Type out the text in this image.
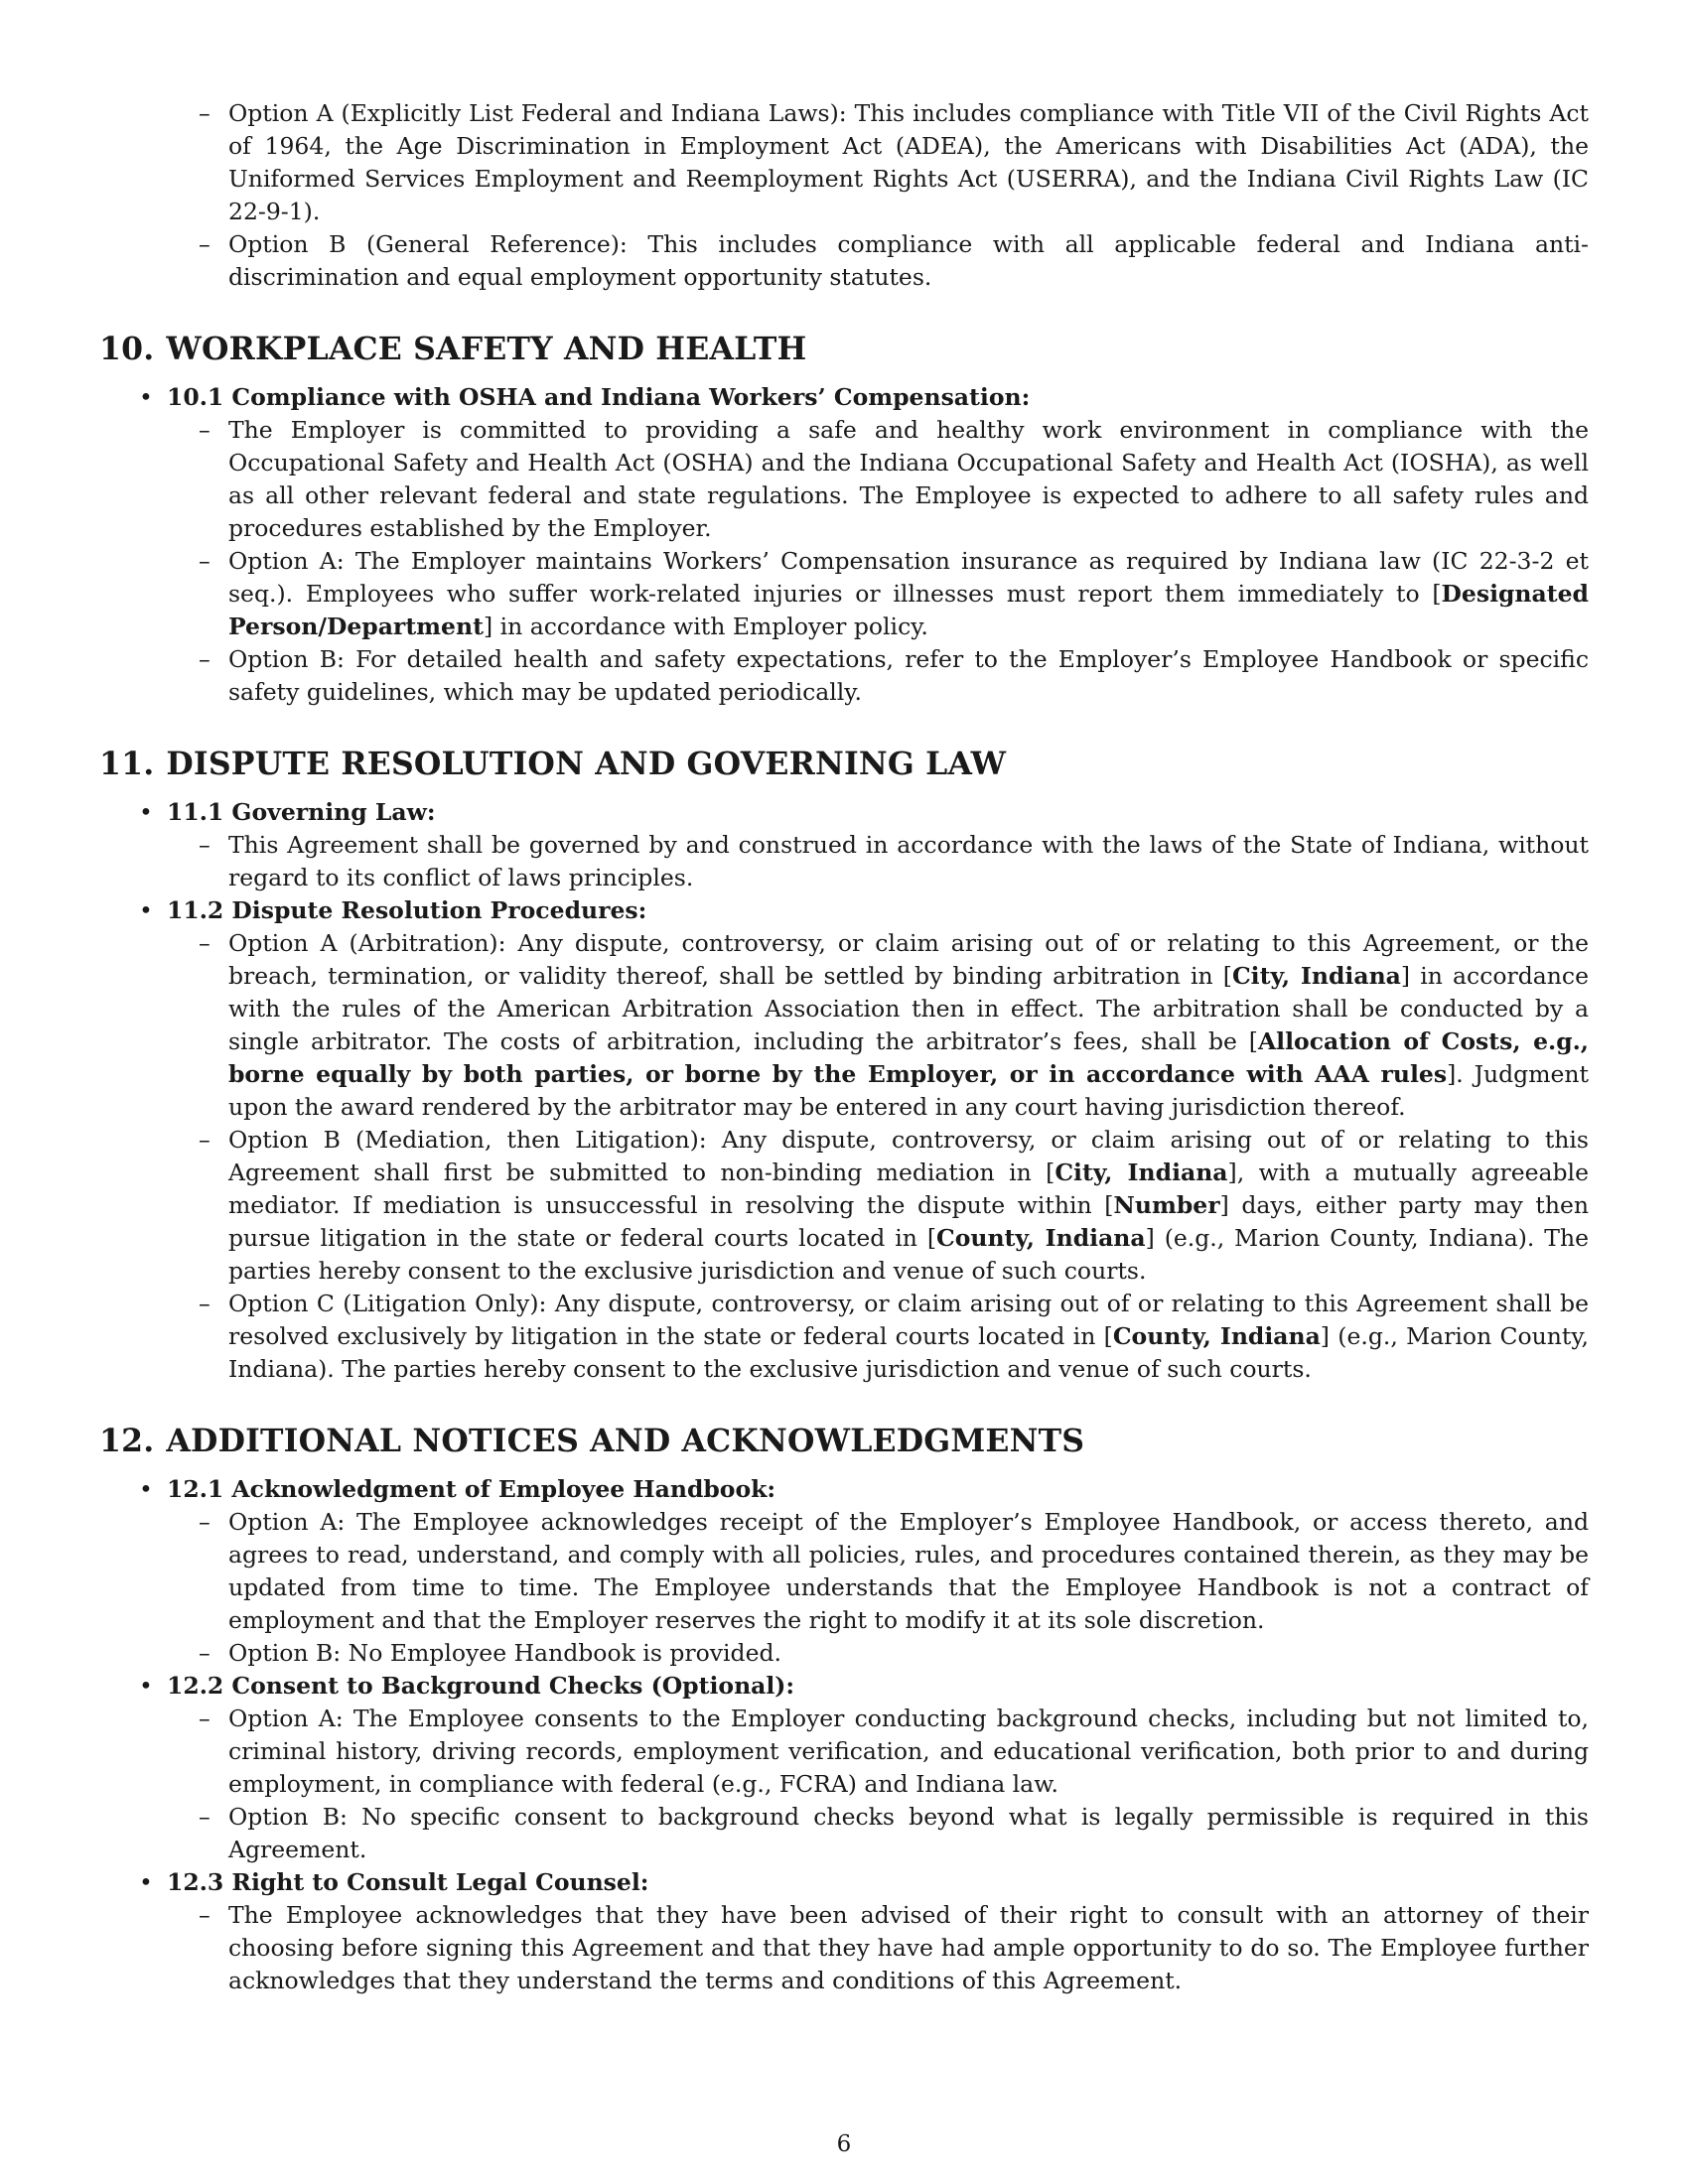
– Option A (Explicitly List Federal and Indiana Laws): This includes compliance with Title VII of the Civil Rights Act of 1964, the Age Discrimination in Employment Act (ADEA), the Americans with Disabilities Act (ADA), the Uniformed Services Employment and Reemployment Rights Act (USERRA), and the Indiana Civil Rights Law (IC 22-9-1).
– Option B (General Reference): This includes compliance with all applicable federal and Indiana anti-discrimination and equal employment opportunity statutes.
10. WORKPLACE SAFETY AND HEALTH
• 10.1 Compliance with OSHA and Indiana Workers’ Compensation:
– The Employer is committed to providing a safe and healthy work environment in compliance with the Occupational Safety and Health Act (OSHA) and the Indiana Occupational Safety and Health Act (IOSHA), as well as all other relevant federal and state regulations. The Employee is expected to adhere to all safety rules and procedures established by the Employer.
– Option A: The Employer maintains Workers’ Compensation insurance as required by Indiana law (IC 22-3-2 et seq.). Employees who suffer work-related injuries or illnesses must report them immediately to [Designated Person/Department] in accordance with Employer policy.
– Option B: For detailed health and safety expectations, refer to the Employer’s Employee Handbook or specific safety guidelines, which may be updated periodically.
11. DISPUTE RESOLUTION AND GOVERNING LAW
• 11.1 Governing Law:
– This Agreement shall be governed by and construed in accordance with the laws of the State of Indiana, without regard to its conflict of laws principles.
• 11.2 Dispute Resolution Procedures:
– Option A (Arbitration): Any dispute, controversy, or claim arising out of or relating to this Agreement, or the breach, termination, or validity thereof, shall be settled by binding arbitration in [City, Indiana] in accordance with the rules of the American Arbitration Association then in effect. The arbitration shall be conducted by a single arbitrator. The costs of arbitration, including the arbitrator’s fees, shall be [Allocation of Costs, e.g., borne equally by both parties, or borne by the Employer, or in accordance with AAA rules]. Judgment upon the award rendered by the arbitrator may be entered in any court having jurisdiction thereof.
– Option B (Mediation, then Litigation): Any dispute, controversy, or claim arising out of or relating to this Agreement shall first be submitted to non-binding mediation in [City, Indiana], with a mutually agreeable mediator. If mediation is unsuccessful in resolving the dispute within [Number] days, either party may then pursue litigation in the state or federal courts located in [County, Indiana] (e.g., Marion County, Indiana). The parties hereby consent to the exclusive jurisdiction and venue of such courts.
– Option C (Litigation Only): Any dispute, controversy, or claim arising out of or relating to this Agreement shall be resolved exclusively by litigation in the state or federal courts located in [County, Indiana] (e.g., Marion County, Indiana). The parties hereby consent to the exclusive jurisdiction and venue of such courts.
12. ADDITIONAL NOTICES AND ACKNOWLEDGMENTS
• 12.1 Acknowledgment of Employee Handbook:
– Option A: The Employee acknowledges receipt of the Employer’s Employee Handbook, or access thereto, and agrees to read, understand, and comply with all policies, rules, and procedures contained therein, as they may be updated from time to time. The Employee understands that the Employee Handbook is not a contract of employment and that the Employer reserves the right to modify it at its sole discretion.
– Option B: No Employee Handbook is provided.
• 12.2 Consent to Background Checks (Optional):
– Option A: The Employee consents to the Employer conducting background checks, including but not limited to, criminal history, driving records, employment verification, and educational verification, both prior to and during employment, in compliance with federal (e.g., FCRA) and Indiana law.
– Option B: No specific consent to background checks beyond what is legally permissible is required in this Agreement.
• 12.3 Right to Consult Legal Counsel:
– The Employee acknowledges that they have been advised of their right to consult with an attorney of their choosing before signing this Agreement and that they have had ample opportunity to do so. The Employee further acknowledges that they understand the terms and conditions of this Agreement.
6
